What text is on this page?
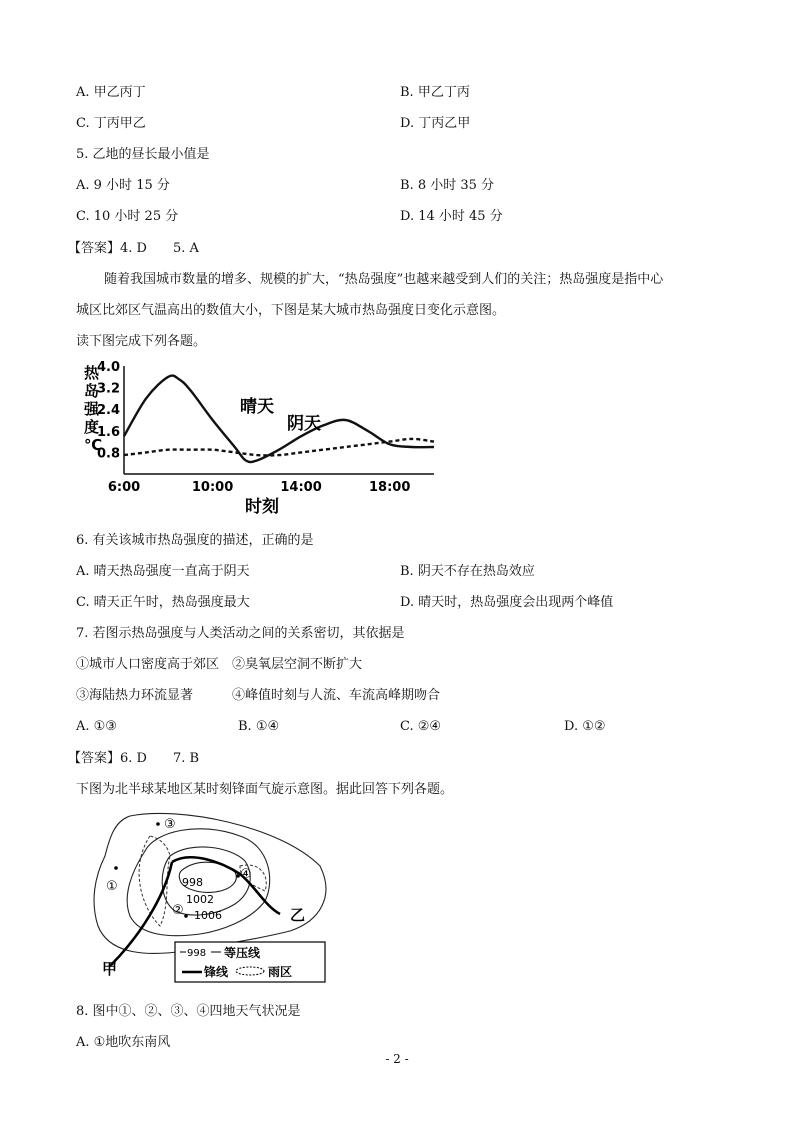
A. 甲乙丙丁	B. 甲乙丁丙
C. 丁丙甲乙	D. 丁丙乙甲
5. 乙地的昼长最小值是
A. 9 小时 15 分	B. 8 小时 35 分
C. 10 小时 25 分	D. 14 小时 45 分
【答案】4. D　　5. A
随着我国城市数量的增多、规模的扩大，“热岛强度”也越来越受到人们的关注；热岛强度是指中心
城区比郊区气温高出的数值大小，下图是某大城市热岛强度日变化示意图。
读下图完成下列各题。
0.8
1.6
2.4
3.2
4.0
6:00	10:00	14:00	18:00
热岛强度℃
时刻
晴天
阴天
6. 有关该城市热岛强度的描述，正确的是
A. 晴天热岛强度一直高于阴天	B. 阴天不存在热岛效应
C. 晴天正午时，热岛强度最大	D. 晴天时，热岛强度会出现两个峰值
7. 若图示热岛强度与人类活动之间的关系密切，其依据是
①城市人口密度高于郊区　②臭氧层空洞不断扩大
③海陆热力环流显著　　　④峰值时刻与人流、车流高峰期吻合
A. ①③	B. ①④	C. ②④	D. ①②
【答案】6. D　　7. B
下图为北半球某地区某时刻锋面气旋示意图。据此回答下列各题。
998
1002
1006
①
②
③
④
甲
乙
998 等压线
锋线	雨区
8. 图中①、②、③、④四地天气状况是
A. ①地吹东南风
- 2 -
